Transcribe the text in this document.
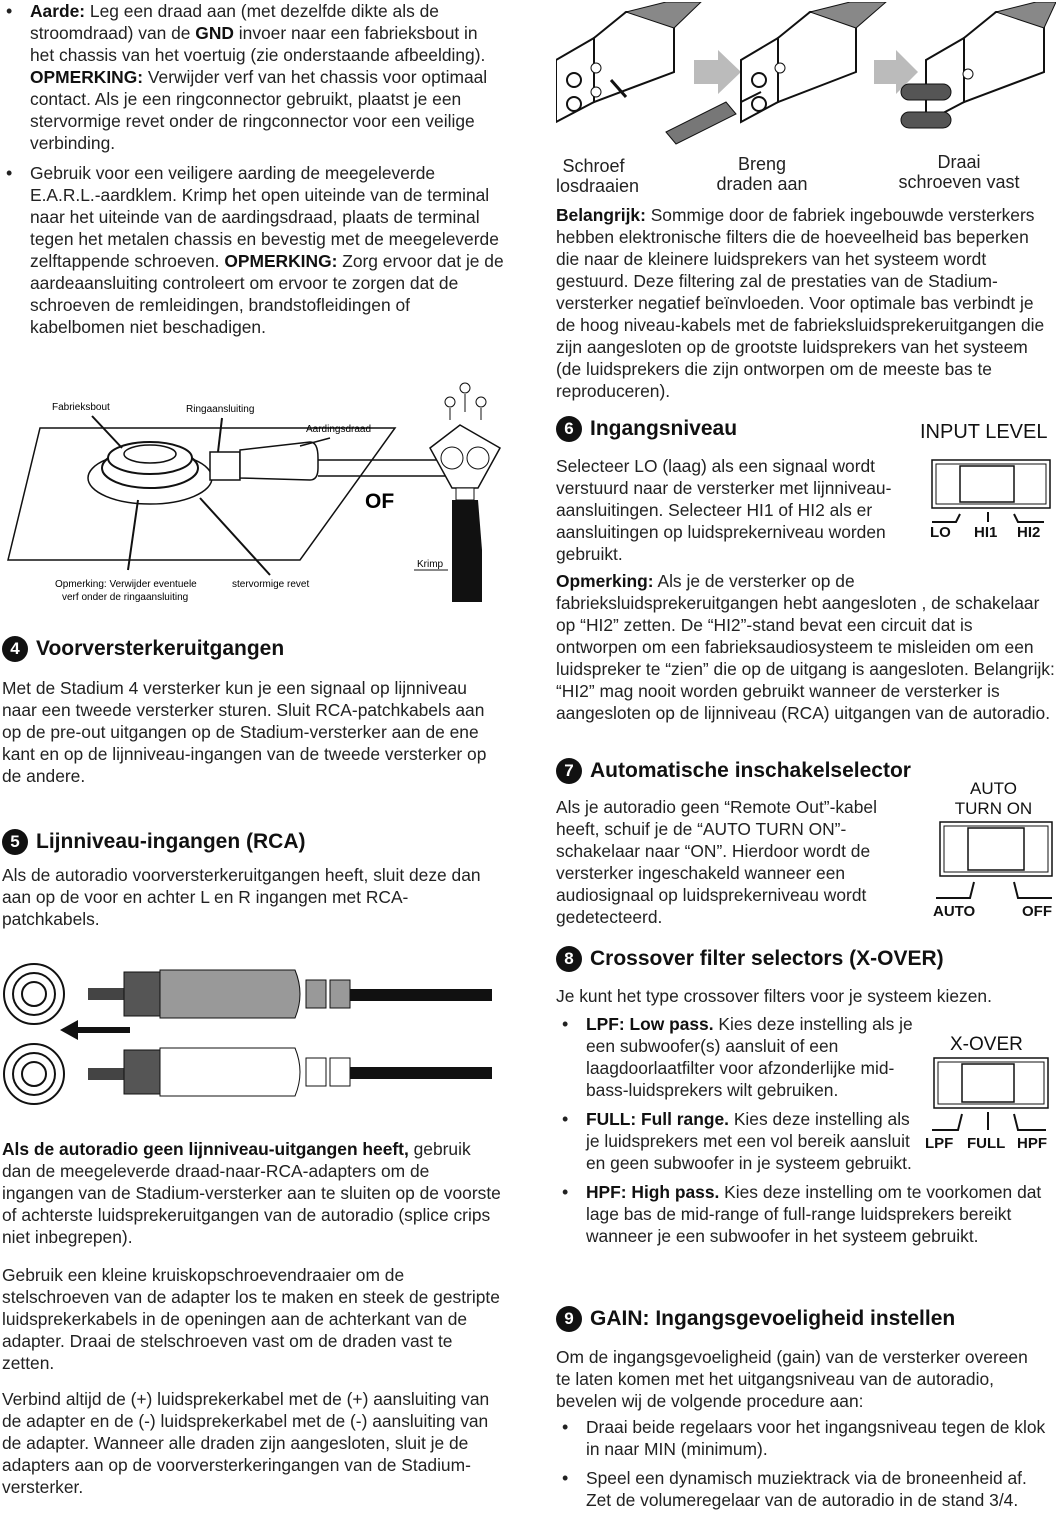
• Aarde: Leg een draad aan (met dezelfde dikte als de stroomdraad) van de GND invoer naar een fabrieksbout in het chassis van het voertuig (zie onderstaande afbeelding). OPMERKING: Verwijder verf van het chassis voor optimaal contact. Als je een ringconnector gebruikt, plaatst je een stervormige revet onder de ringconnector voor een veilige verbinding.
• Gebruik voor een veiligere aarding de meegeleverde E.A.R.L.-aardklem. Krimp het open uiteinde van de terminal naar het uiteinde van de aardingsdraad, plaats de terminal tegen het metalen chassis en bevestig met de meegeleverde zelftappende schroeven. OPMERKING: Zorg ervoor dat je de aardeaansluiting controleert om ervoor te zorgen dat de schroeven de remleidingen, brandstofleidingen of kabelbomen niet beschadigen.
Fabrieksbout	Ringaansluiting
Aardingsdraad
OF
Opmerking: Verwijder eventuele
verf onder de ringaansluiting
stervormige revet
Krimp
4 Voorversterkeruitgangen

Met de Stadium 4 versterker kun je een signaal op lijnniveau naar een tweede versterker sturen. Sluit RCA-patchkabels aan op de pre-out uitgangen op de Stadium-versterker aan de ene kant en op de lijnniveau-ingangen van de tweede versterker op de andere.

5 Lijnniveau-ingangen (RCA)

Als de autoradio voorversterkeruitgangen heeft, sluit deze dan aan op de voor en achter L en R ingangen met RCA-patchkabels.

Als de autoradio geen lijnniveau-uitgangen heeft, gebruik dan de meegeleverde draad-naar-RCA-adapters om de ingangen van de Stadium-versterker aan te sluiten op de voorste of achterste luidsprekeruitgangen van de autoradio (splice crips niet inbegrepen).

Gebruik een kleine kruiskopschroevendraaier om de stelschroeven van de adapter los te maken en steek de gestripte luidsprekerkabels in de openingen aan de achterkant van de adapter. Draai de stelschroeven vast om de draden vast te zetten.

Verbind altijd de (+) luidsprekerkabel met de (+) aansluiting van de adapter en de (-) luidsprekerkabel met de (-) aansluiting van de adapter. Wanneer alle draden zijn aangesloten, sluit je de adapters aan op de voorversterkeringangen van de Stadium-versterker.

Schroef
losdraaien
Breng
draden aan
Draai
schroeven vast

Belangrijk: Sommige door de fabriek ingebouwde versterkers hebben elektronische filters die de hoeveelheid bas beperken die naar de kleinere luidsprekers van het systeem wordt gestuurd. Deze filtering zal de prestaties van de Stadium-versterker negatief beïnvloeden. Voor optimale bas verbindt je de hoog niveau-kabels met de fabrieksluidsprekeruitgangen die zijn aangesloten op de grootste luidsprekers van het systeem (de luidsprekers die zijn ontworpen om de meeste bas te reproduceren).

6 Ingangsniveau	INPUT LEVEL
LO HI1 HI2

Selecteer LO (laag) als een signaal wordt verstuurd naar de versterker met lijnniveau-aansluitingen. Selecteer HI1 of HI2 als er aansluitingen op luidsprekerniveau worden gebruikt.

Opmerking: Als je de versterker op de fabrieksluidsprekeruitgangen hebt aangesloten , de schakelaar op “HI2” zetten. De “HI2”-stand bevat een circuit dat is ontworpen om een fabrieksaudiosysteem te misleiden om een luidspreker te “zien” die op de uitgang is aangesloten. Belangrijk: “HI2” mag nooit worden gebruikt wanneer de versterker is aangesloten op de lijnniveau (RCA) uitgangen van de autoradio.

7 Automatische inschakelselector
AUTO
TURN ON
AUTO	OFF

Als je autoradio geen “Remote Out”-kabel heeft, schuif je de “AUTO TURN ON”-schakelaar naar “ON”. Hierdoor wordt de versterker ingeschakeld wanneer een audiosignaal op luidsprekerniveau wordt gedetecteerd.

8 Crossover filter selectors (X-OVER)

Je kunt het type crossover filters voor je systeem kiezen.

X-OVER
LPF FULL HPF
• LPF: Low pass. Kies deze instelling als je een subwoofer(s) aansluit of een laagdoorlaatfilter voor afzonderlijke mid-bass-luidsprekers wilt gebruiken.
• FULL: Full range. Kies deze instelling als je luidsprekers met een vol bereik aansluit en geen subwoofer in je systeem gebruikt.
• HPF: High pass. Kies deze instelling om te voorkomen dat lage bas de mid-range of full-range luidsprekers bereikt wanneer je een subwoofer in het systeem gebruikt.
9 GAIN: Ingangsgevoeligheid instellen

Om de ingangsgevoeligheid (gain) van de versterker overeen te laten komen met het uitgangsniveau van de autoradio, bevelen wij de volgende procedure aan:

• Draai beide regelaars voor het ingangsniveau tegen de klok in naar MIN (minimum).
• Speel een dynamisch muziektrack via de broneenheid af. Zet de volumeregelaar van de autoradio in de stand 3/4.
